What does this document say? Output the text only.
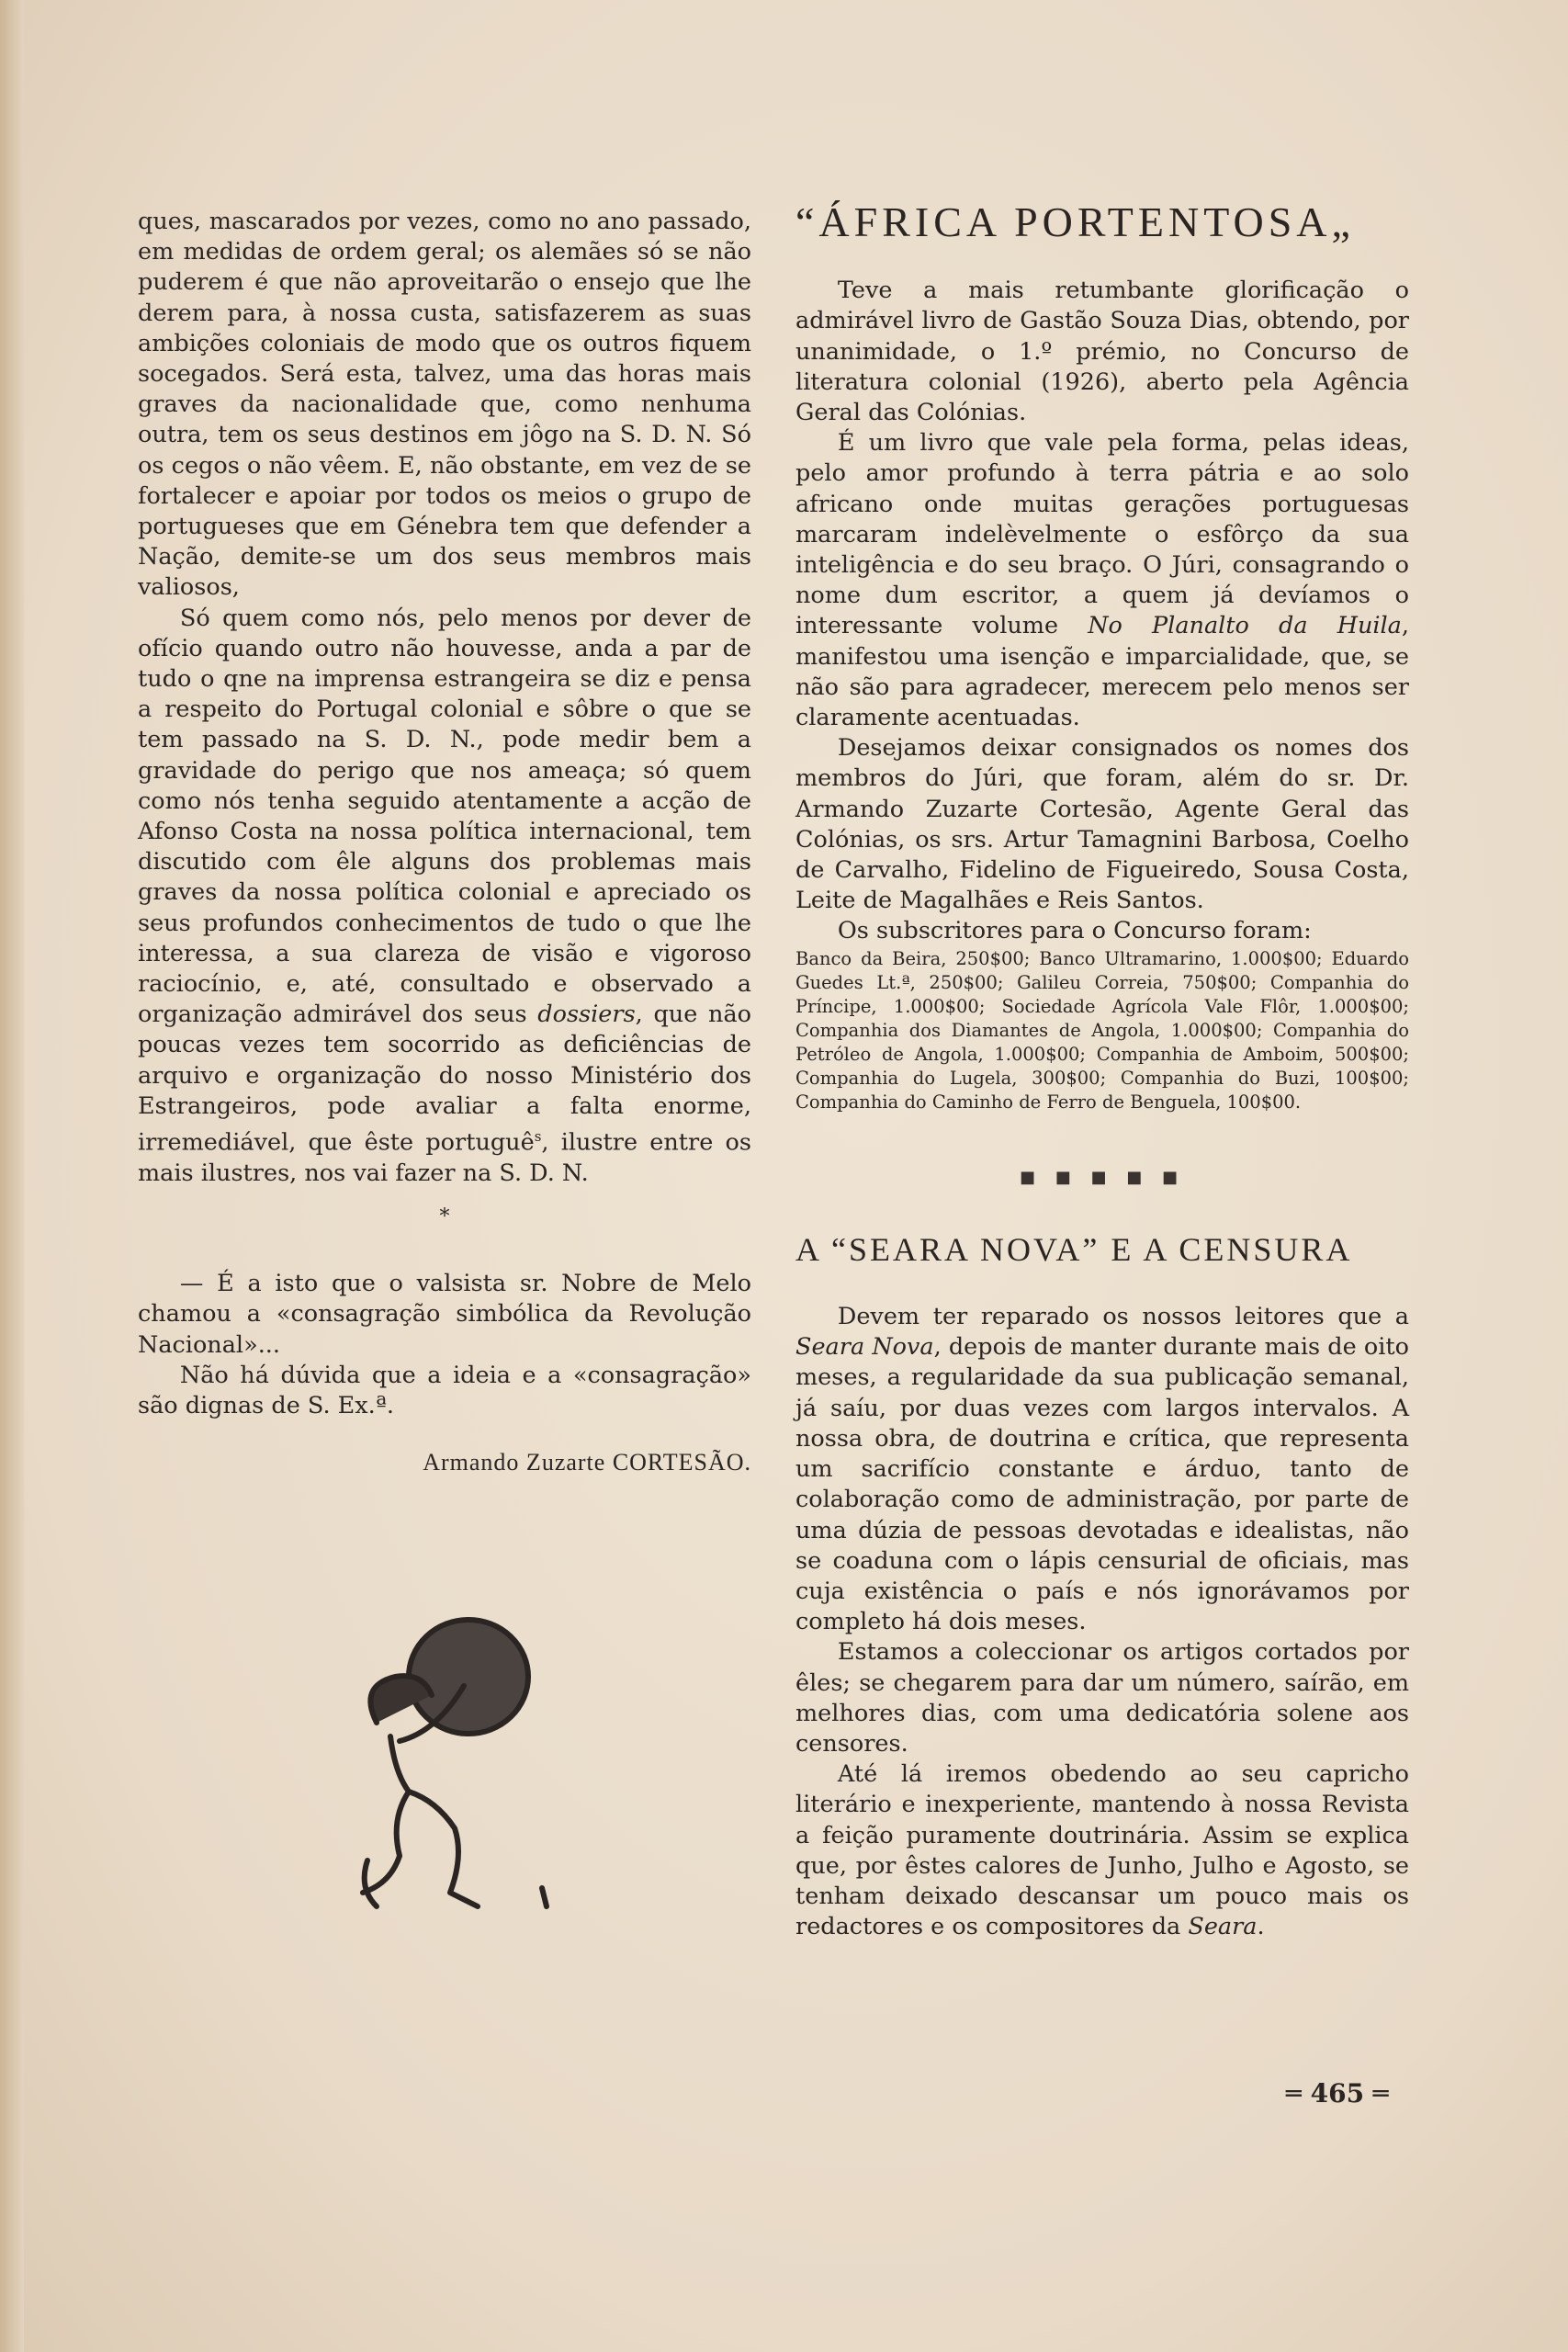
ques, mascarados por vezes, como no ano passado, em medidas de ordem geral; os alemães só se não puderem é que não aproveitarão o ensejo que lhe derem para, à nossa custa, satisfazerem as suas ambições coloniais de modo que os outros fiquem socegados. Será esta, talvez, uma das horas mais graves da nacionalidade que, como nenhuma outra, tem os seus destinos em jôgo na S. D. N. Só os cegos o não vêem. E, não obstante, em vez de se fortalecer e apoiar por todos os meios o grupo de portugueses que em Génebra tem que defender a Nação, demite-se um dos seus membros mais valiosos,

Só quem como nós, pelo menos por dever de ofício quando outro não houvesse, anda a par de tudo o qne na imprensa estrangeira se diz e pensa a respeito do Portugal colonial e sôbre o que se tem passado na S. D. N., pode medir bem a gravidade do perigo que nos ameaça; só quem como nós tenha seguido atentamente a acção de Afonso Costa na nossa política internacional, tem discutido com êle alguns dos problemas mais graves da nossa política colonial e apreciado os seus profundos conhecimentos de tudo o que lhe interessa, a sua clareza de visão e vigoroso raciocínio, e, até, consultado e observado a organização admirável dos seus dossiers, que não poucas vezes tem socorrido as deficiências de arquivo e organização do nosso Ministério dos Estrangeiros, pode avaliar a falta enorme, irremediável, que êste portuguê$^s$, ilustre entre os mais ilustres, nos vai fazer na S. D. N.

*

— É a isto que o valsista sr. Nobre de Melo chamou a «consagração simbólica da Revolução Nacional»...

Não há dúvida que a ideia e a «consagração» são dignas de S. Ex.ª.

Armando Zuzarte CORTESÃO.
“ÁFRICA PORTENTOSA„

Teve a mais retumbante glorificação o admirável livro de Gastão Souza Dias, obtendo, por unanimidade, o 1.º prémio, no Concurso de literatura colonial (1926), aberto pela Agência Geral das Colónias.

É um livro que vale pela forma, pelas ideas, pelo amor profundo à terra pátria e ao solo africano onde muitas gerações portuguesas marcaram indelèvelmente o esfôrço da sua inteligência e do seu braço. O Júri, consagrando o nome dum escritor, a quem já devíamos o interessante volume No Planalto da Huila, manifestou uma isenção e imparcialidade, que, se não são para agradecer, merecem pelo menos ser claramente acentuadas.

Desejamos deixar consignados os nomes dos membros do Júri, que foram, além do sr. Dr. Armando Zuzarte Cortesão, Agente Geral das Colónias, os srs. Artur Tamagnini Barbosa, Coelho de Carvalho, Fidelino de Figueiredo, Sousa Costa, Leite de Magalhães e Reis Santos.

Os subscritores para o Concurso foram:

Banco da Beira, 250$00; Banco Ultramarino, 1.000$00; Eduardo Guedes Lt.ª, 250$00; Galileu Correia, 750$00; Companhia do Príncipe, 1.000$00; Sociedade Agrícola Vale Flôr, 1.000$00; Companhia dos Diamantes de Angola, 1.000$00; Companhia do Petróleo de Angola, 1.000$00; Companhia de Amboim, 500$00; Companhia do Lugela, 300$00; Companhia do Buzi, 100$00; Companhia do Caminho de Ferro de Benguela, 100$00.

■ ■ ■ ■ ■
A “SEARA NOVA” E A CENSURA

Devem ter reparado os nossos leitores que a Seara Nova, depois de manter durante mais de oito meses, a regularidade da sua publicação semanal, já saíu, por duas vezes com largos intervalos. A nossa obra, de doutrina e crítica, que representa um sacrifício constante e árduo, tanto de colaboração como de administração, por parte de uma dúzia de pessoas devotadas e idealistas, não se coaduna com o lápis censurial de oficiais, mas cuja existência o país e nós ignorávamos por completo há dois meses.

Estamos a coleccionar os artigos cortados por êles; se chegarem para dar um número, saírão, em melhores dias, com uma dedicatória solene aos censores.

Até lá iremos obedendo ao seu capricho literário e inexperiente, mantendo à nossa Revista a feição puramente doutrinária. Assim se explica que, por êstes calores de Junho, Julho e Agosto, se tenham deixado descansar um pouco mais os redactores e os compositores da Seara.

═ 465 ═
